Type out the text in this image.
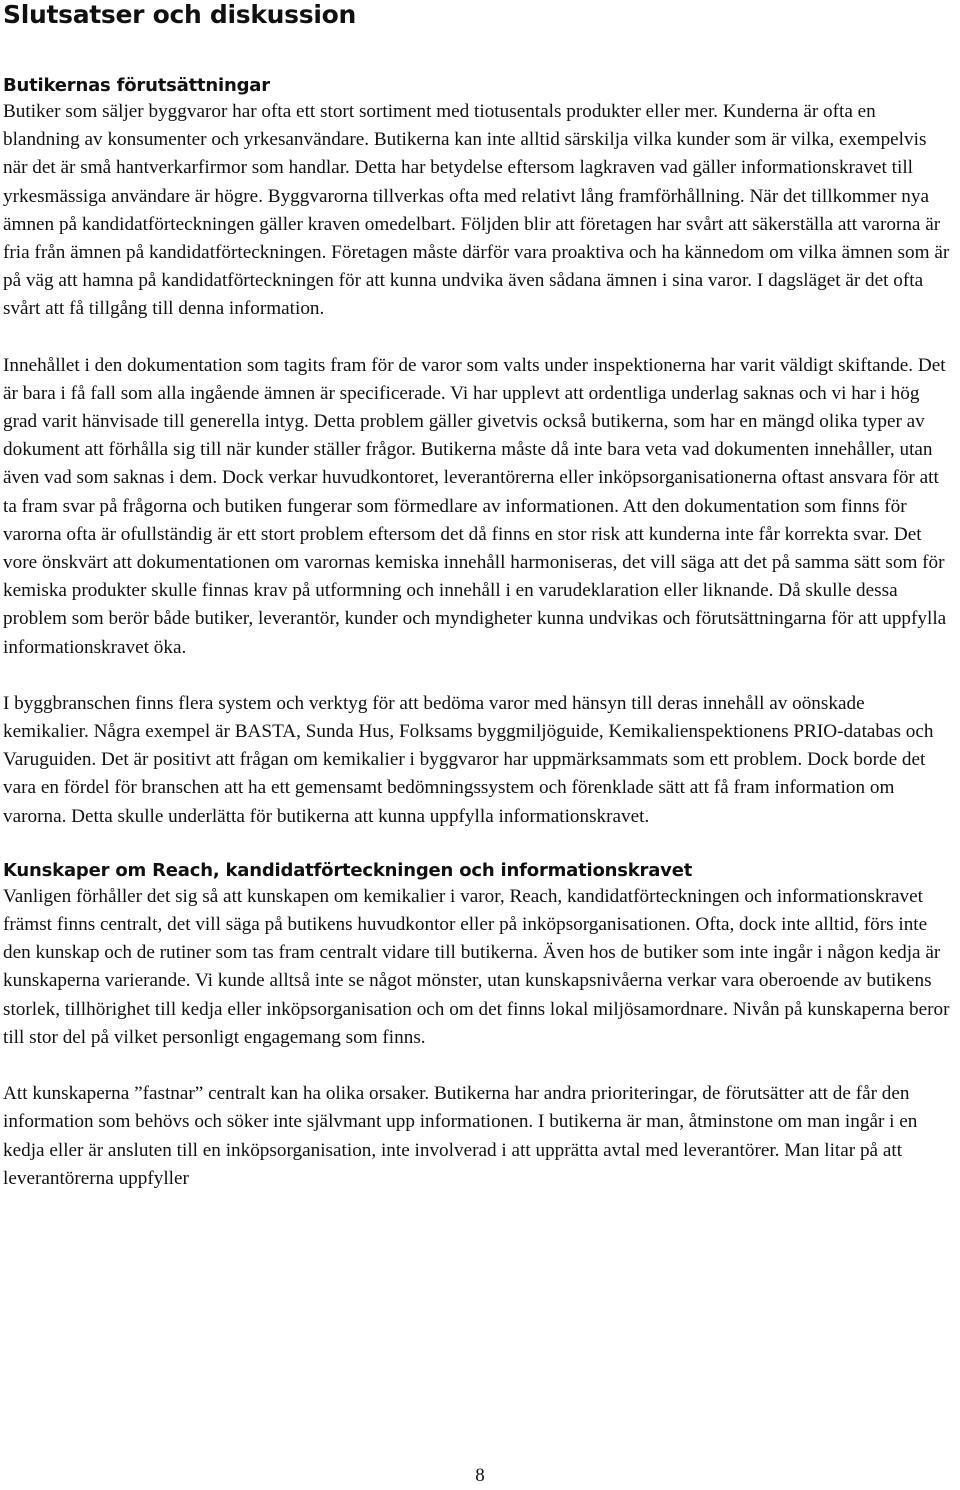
Slutsatser och diskussion
Butikernas förutsättningar

Butiker som säljer byggvaror har ofta ett stort sortiment med tiotusentals produkter eller mer. Kunderna är ofta en blandning av konsumenter och yrkesanvändare. Butikerna kan inte alltid särskilja vilka kunder som är vilka, exempelvis när det är små hantverkarfirmor som handlar. Detta har betydelse eftersom lagkraven vad gäller informationskravet till yrkesmässiga användare är högre. Byggvarorna tillverkas ofta med relativt lång framförhållning. När det tillkommer nya ämnen på kandidatförteckningen gäller kraven omedelbart. Följden blir att företagen har svårt att säkerställa att varorna är fria från ämnen på kandidatförteckningen. Företagen måste därför vara proaktiva och ha kännedom om vilka ämnen som är på väg att hamna på kandidatförteckningen för att kunna undvika även sådana ämnen i sina varor. I dagsläget är det ofta svårt att få tillgång till denna information.

Innehållet i den dokumentation som tagits fram för de varor som valts under inspektionerna har varit väldigt skiftande. Det är bara i få fall som alla ingående ämnen är specificerade. Vi har upplevt att ordentliga underlag saknas och vi har i hög grad varit hänvisade till generella intyg. Detta problem gäller givetvis också butikerna, som har en mängd olika typer av dokument att förhålla sig till när kunder ställer frågor. Butikerna måste då inte bara veta vad dokumenten innehåller, utan även vad som saknas i dem. Dock verkar huvudkontoret, leverantörerna eller inköpsorganisationerna oftast ansvara för att ta fram svar på frågorna och butiken fungerar som förmedlare av informationen. Att den dokumentation som finns för varorna ofta är ofullständig är ett stort problem eftersom det då finns en stor risk att kunderna inte får korrekta svar. Det vore önskvärt att dokumentationen om varornas kemiska innehåll harmoniseras, det vill säga att det på samma sätt som för kemiska produkter skulle finnas krav på utformning och innehåll i en varudeklaration eller liknande. Då skulle dessa problem som berör både butiker, leverantör, kunder och myndigheter kunna undvikas och förutsättningarna för att uppfylla informationskravet öka.

I byggbranschen finns flera system och verktyg för att bedöma varor med hänsyn till deras innehåll av oönskade kemikalier. Några exempel är BASTA, Sunda Hus, Folksams byggmiljöguide, Kemikalienspektionens PRIO-databas och Varuguiden. Det är positivt att frågan om kemikalier i byggvaror har uppmärksammats som ett problem. Dock borde det vara en fördel för branschen att ha ett gemensamt bedömningssystem och förenklade sätt att få fram information om varorna. Detta skulle underlätta för butikerna att kunna uppfylla informationskravet.

Kunskaper om Reach, kandidatförteckningen och informationskravet

Vanligen förhåller det sig så att kunskapen om kemikalier i varor, Reach, kandidatförteckningen och informationskravet främst finns centralt, det vill säga på butikens huvudkontor eller på inköpsorganisationen. Ofta, dock inte alltid, förs inte den kunskap och de rutiner som tas fram centralt vidare till butikerna. Även hos de butiker som inte ingår i någon kedja är kunskaperna varierande. Vi kunde alltså inte se något mönster, utan kunskapsnivåerna verkar vara oberoende av butikens storlek, tillhörighet till kedja eller inköpsorganisation och om det finns lokal miljösamordnare. Nivån på kunskaperna beror till stor del på vilket personligt engagemang som finns.

Att kunskaperna ”fastnar” centralt kan ha olika orsaker. Butikerna har andra prioriteringar, de förutsätter att de får den information som behövs och söker inte självmant upp informationen. I butikerna är man, åtminstone om man ingår i en kedja eller är ansluten till en inköpsorganisation, inte involverad i att upprätta avtal med leverantörer. Man litar på att leverantörerna uppfyller

8
